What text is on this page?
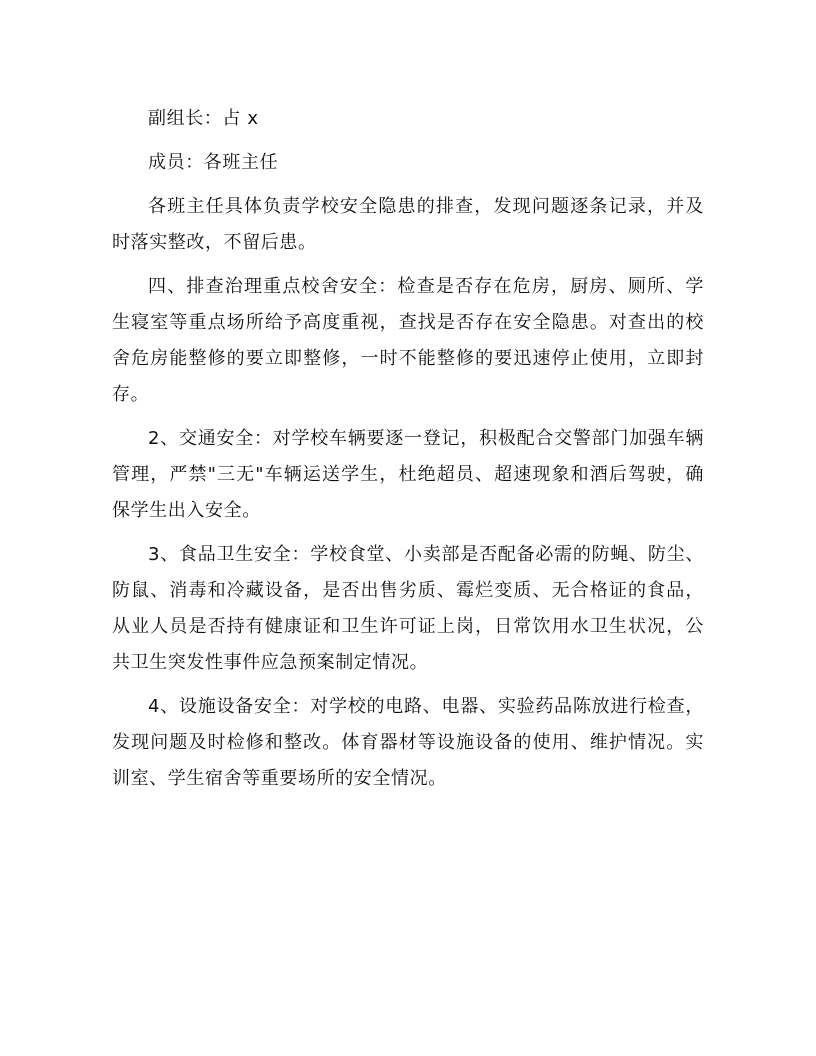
副组长：占 x

成员：各班主任

各班主任具体负责学校安全隐患的排查，发现问题逐条记录，并及时落实整改，不留后患。

四、排查治理重点校舍安全：检查是否存在危房，厨房、厕所、学生寝室等重点场所给予高度重视，查找是否存在安全隐患。对查出的校舍危房能整修的要立即整修，一时不能整修的要迅速停止使用，立即封存。

2、交通安全：对学校车辆要逐一登记，积极配合交警部门加强车辆管理，严禁"三无"车辆运送学生，杜绝超员、超速现象和酒后驾驶，确保学生出入安全。

3、食品卫生安全：学校食堂、小卖部是否配备必需的防蝇、防尘、防鼠、消毒和冷藏设备，是否出售劣质、霉烂变质、无合格证的食品，从业人员是否持有健康证和卫生许可证上岗，日常饮用水卫生状况，公共卫生突发性事件应急预案制定情况。

4、设施设备安全：对学校的电路、电器、实验药品陈放进行检查，发现问题及时检修和整改。体育器材等设施设备的使用、维护情况。实训室、学生宿舍等重要场所的安全情况。
